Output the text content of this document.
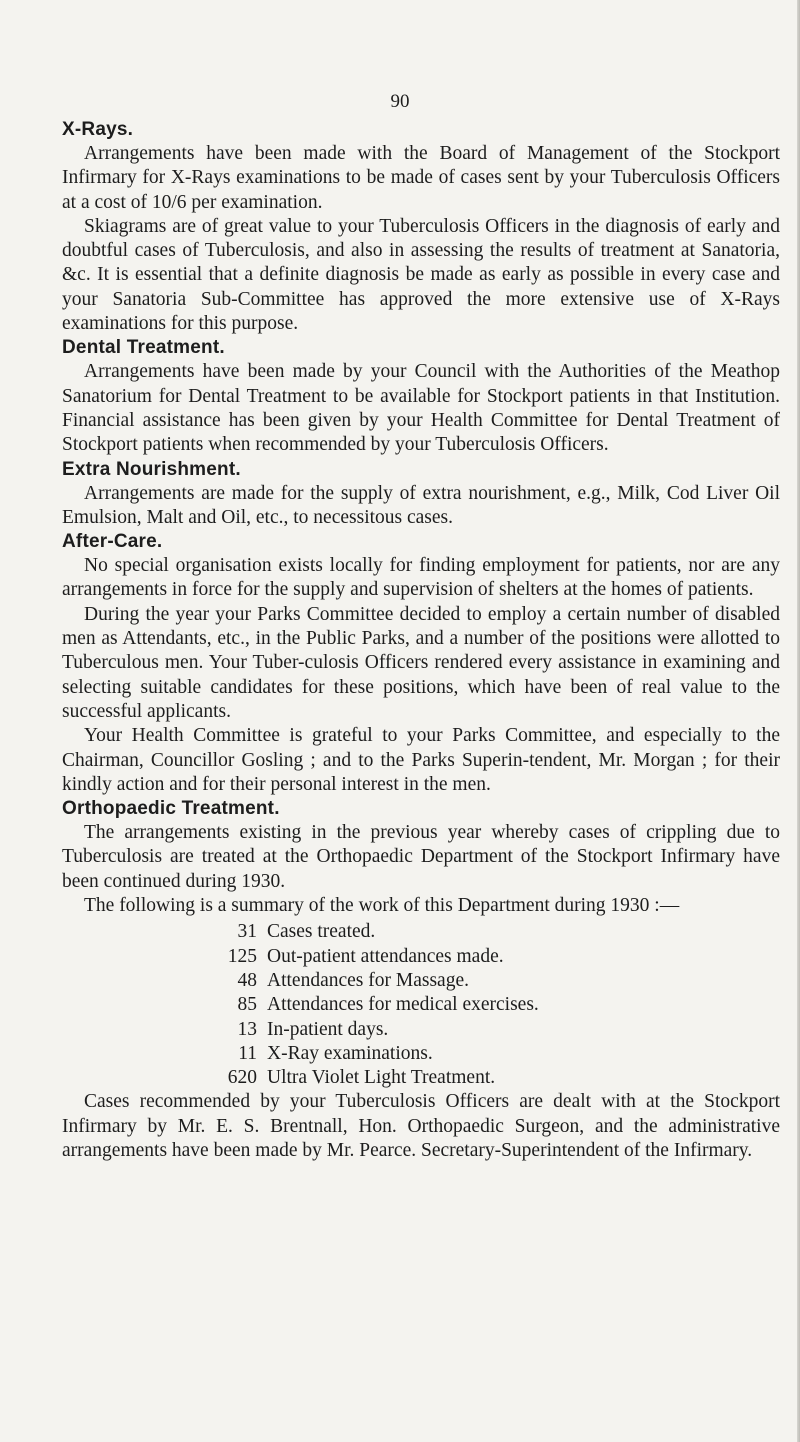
90
X-Rays.

Arrangements have been made with the Board of Management of the Stockport Infirmary for X-Rays examinations to be made of cases sent by your Tuberculosis Officers at a cost of 10/6 per examination.

Skiagrams are of great value to your Tuberculosis Officers in the diagnosis of early and doubtful cases of Tuberculosis, and also in assessing the results of treatment at Sanatoria, &c. It is essential that a definite diagnosis be made as early as possible in every case and your Sanatoria Sub-Committee has approved the more extensive use of X-Rays examinations for this purpose.

Dental Treatment.

Arrangements have been made by your Council with the Authorities of the Meathop Sanatorium for Dental Treatment to be available for Stockport patients in that Institution. Financial assistance has been given by your Health Committee for Dental Treatment of Stockport patients when recommended by your Tuberculosis Officers.

Extra Nourishment.

Arrangements are made for the supply of extra nourishment, e.g., Milk, Cod Liver Oil Emulsion, Malt and Oil, etc., to necessitous cases.

After-Care.

No special organisation exists locally for finding employment for patients, nor are any arrangements in force for the supply and supervision of shelters at the homes of patients.

During the year your Parks Committee decided to employ a certain number of disabled men as Attendants, etc., in the Public Parks, and a number of the positions were allotted to Tuberculous men. Your Tuber-culosis Officers rendered every assistance in examining and selecting suitable candidates for these positions, which have been of real value to the successful applicants.

Your Health Committee is grateful to your Parks Committee, and especially to the Chairman, Councillor Gosling ; and to the Parks Superin-tendent, Mr. Morgan ; for their kindly action and for their personal interest in the men.

Orthopaedic Treatment.

The arrangements existing in the previous year whereby cases of crippling due to Tuberculosis are treated at the Orthopaedic Department of the Stockport Infirmary have been continued during 1930.

The following is a summary of the work of this Department during 1930 :—

31 Cases treated.
125 Out-patient attendances made.
48 Attendances for Massage.
85 Attendances for medical exercises.
13 In-patient days.
11 X-Ray examinations.
620 Ultra Violet Light Treatment.

Cases recommended by your Tuberculosis Officers are dealt with at the Stockport Infirmary by Mr. E. S. Brentnall, Hon. Orthopaedic Surgeon, and the administrative arrangements have been made by Mr. Pearce. Secretary-Superintendent of the Infirmary.
